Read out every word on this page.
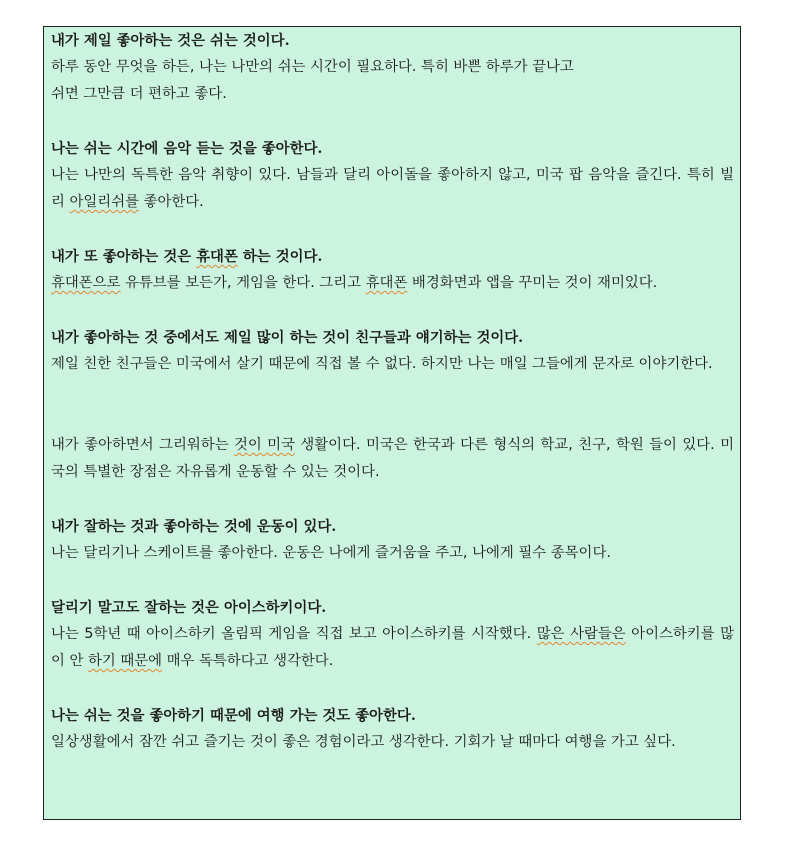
내가 제일 좋아하는 것은 쉬는 것이다.
하루 동안 무엇을 하든, 나는 나만의 쉬는 시간이 필요하다. 특히 바쁜 하루가 끝나고
쉬면 그만큼 더 편하고 좋다.
나는 쉬는 시간에 음악 듣는 것을 좋아한다.
나는 나만의 독특한 음악 취향이 있다. 남들과 달리 아이돌을 좋아하지 않고, 미국 팝 음악을 즐긴다. 특히 빌리 아일리쉬를 좋아한다.
내가 또 좋아하는 것은 휴대폰 하는 것이다.
휴대폰으로 유튜브를 보든가, 게임을 한다. 그리고 휴대폰 배경화면과 앱을 꾸미는 것이 재미있다.
내가 좋아하는 것 중에서도 제일 많이 하는 것이 친구들과 얘기하는 것이다.
제일 친한 친구들은 미국에서 살기 때문에 직접 볼 수 없다. 하지만 나는 매일 그들에게 문자로 이야기한다.
내가 좋아하면서 그리워하는 것이 미국 생활이다. 미국은 한국과 다른 형식의 학교, 친구, 학원 들이 있다. 미국의 특별한 장점은 자유롭게 운동할 수 있는 것이다.
내가 잘하는 것과 좋아하는 것에 운동이 있다.
나는 달리기나 스케이트를 좋아한다. 운동은 나에게 즐거움을 주고, 나에게 필수 종목이다.
달리기 말고도 잘하는 것은 아이스하키이다.
나는 5학년 때 아이스하키 올림픽 게임을 직접 보고 아이스하키를 시작했다. 많은 사람들은 아이스하키를 많이 안 하기 때문에 매우 독특하다고 생각한다.
나는 쉬는 것을 좋아하기 때문에 여행 가는 것도 좋아한다.
일상생활에서 잠깐 쉬고 즐기는 것이 좋은 경험이라고 생각한다. 기회가 날 때마다 여행을 가고 싶다.
